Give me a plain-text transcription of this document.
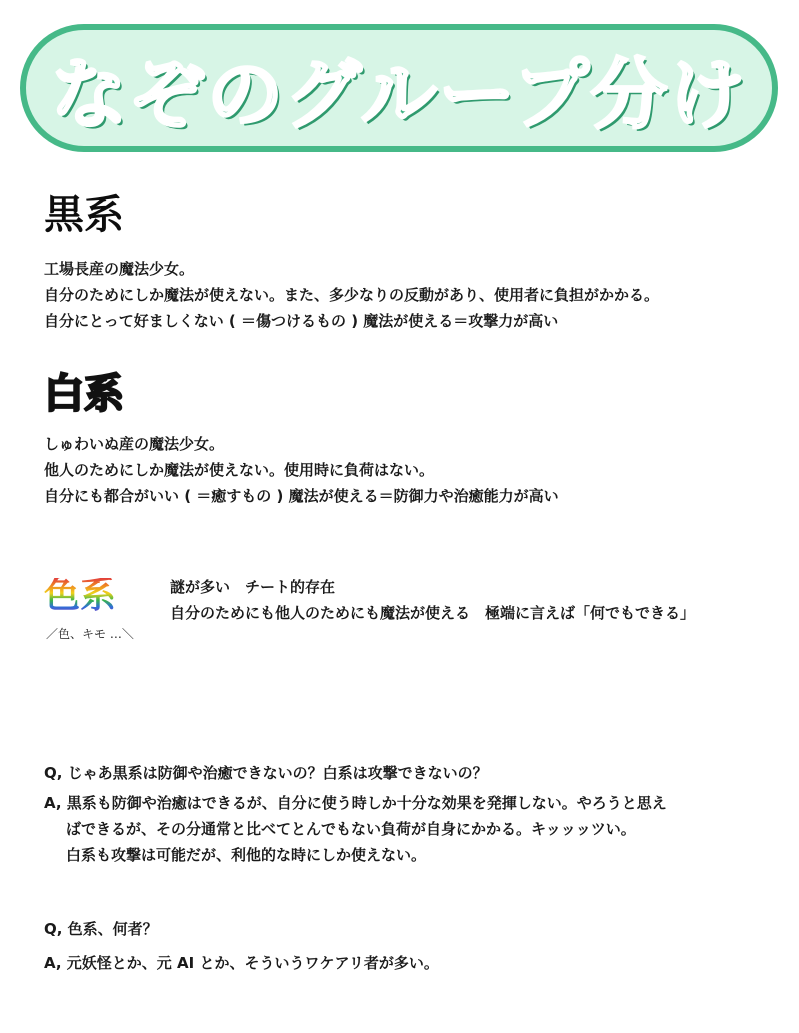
なぞのグループ分け
黒系
工場長産の魔法少女。
自分のためにしか魔法が使えない。また、多少なりの反動があり、使用者に負担がかかる。
自分にとって好ましくない ( ＝傷つけるもの ) 魔法が使える＝攻撃力が高い
白系
しゅわいぬ産の魔法少女。
他人のためにしか魔法が使えない。使用時に負荷はない。
自分にも都合がいい ( ＝癒すもの ) 魔法が使える＝防御力や治癒能力が高い
色系
／色、キモ …＼
謎が多い　チート的存在
自分のためにも他人のためにも魔法が使える　極端に言えば「何でもできる」
Q, じゃあ黒系は防御や治癒できないの？白系は攻撃できないの？
A, 黒系も防御や治癒はできるが、自分に使う時しか十分な効果を発揮しない。やろうと思え
ばできるが、その分通常と比べてとんでもない負荷が自身にかかる。キッッッツい。
白系も攻撃は可能だが、利他的な時にしか使えない。
Q, 色系、何者？
A, 元妖怪とか、元 AI とか、そういうワケアリ者が多い。
